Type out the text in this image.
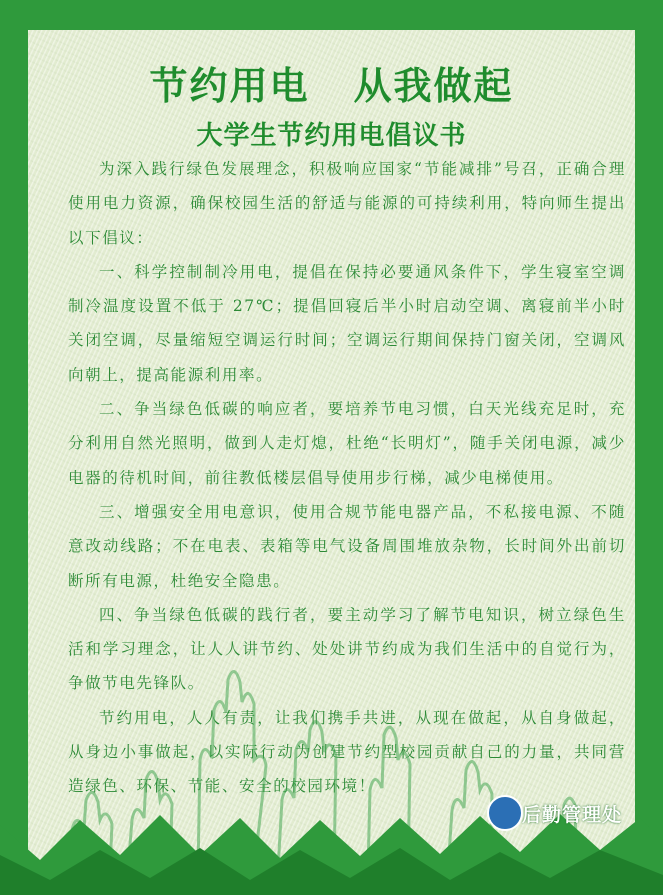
节约用电 从我做起
大学生节约用电倡议书

为深入践行绿色发展理念，积极响应国家“节能减排”号召，正确合理使用电力资源，确保校园生活的舒适与能源的可持续利用，特向师生提出以下倡议：

一、科学控制制冷用电，提倡在保持必要通风条件下，学生寝室空调制冷温度设置不低于 27℃；提倡回寝后半小时启动空调、离寝前半小时关闭空调，尽量缩短空调运行时间；空调运行期间保持门窗关闭，空调风向朝上，提高能源利用率。

二、争当绿色低碳的响应者，要培养节电习惯，白天光线充足时，充分利用自然光照明，做到人走灯熄，杜绝“长明灯”，随手关闭电源，减少电器的待机时间，前往教低楼层倡导使用步行梯，减少电梯使用。

三、增强安全用电意识，使用合规节能电器产品，不私接电源、不随意改动线路；不在电表、表箱等电气设备周围堆放杂物，长时间外出前切断所有电源，杜绝安全隐患。

四、争当绿色低碳的践行者，要主动学习了解节电知识，树立绿色生活和学习理念，让人人讲节约、处处讲节约成为我们生活中的自觉行为，争做节电先锋队。

节约用电，人人有责，让我们携手共进，从现在做起，从自身做起，从身边小事做起，以实际行动为创建节约型校园贡献自己的力量，共同营造绿色、环保、节能、安全的校园环境！

后勤管理处
